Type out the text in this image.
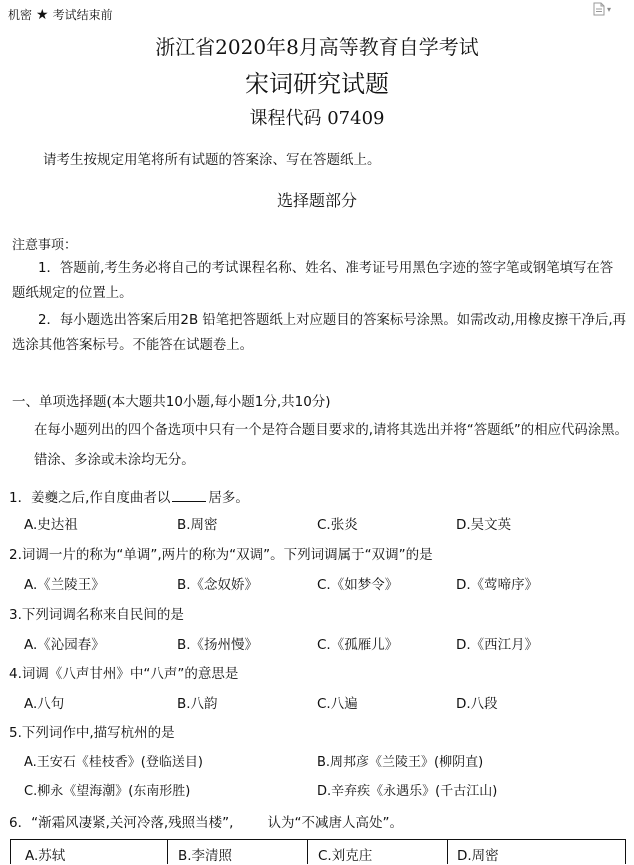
▾
机密 ★ 考试结束前
浙江省2020年8月高等教育自学考试
宋词研究试题
课程代码 07409
请考生按规定用笔将所有试题的答案涂、写在答题纸上。
选择题部分
注意事项：
1．答题前,考生务必将自己的考试课程名称、姓名、准考证号用黑色字迹的签字笔或钢笔填写在答题纸规定的位置上。
2．每小题选出答案后用2B 铅笔把答题纸上对应题目的答案标号涂黑。如需改动,用橡皮擦干净后,再选涂其他答案标号。不能答在试题卷上。
一、单项选择题(本大题共10小题,每小题1分,共10分)
在每小题列出的四个备选项中只有一个是符合题目要求的,请将其选出并将“答题纸”的相应代码涂黑。错涂、多涂或未涂均无分。
1．姜夔之后,作自度曲者以	居多。
A.史达祖	B.周密	C.张炎	D.吴文英
2.词调一片的称为“单调”,两片的称为“双调”。下列词调属于“双调”的是
A.《兰陵王》	B.《念奴娇》	C.《如梦令》	D.《莺啼序》
3.下列词调名称来自民间的是
A.《沁园春》	B.《扬州慢》	C.《孤雁儿》	D.《西江月》
4.词调《八声甘州》中“八声”的意思是
A.八句	B.八韵	C.八遍	D.八段
5.下列词作中,描写杭州的是
A.王安石《桂枝香》(登临送目)	B.周邦彦《兰陵王》(柳阴直)
C.柳永《望海潮》(东南形胜)	D.辛弃疾《永遇乐》(千古江山)
6．“渐霜风凄紧,关河冷落,残照当楼”,	认为“不减唐人高处”。
A.苏轼	B.李清照	C.刘克庄	D.周密
